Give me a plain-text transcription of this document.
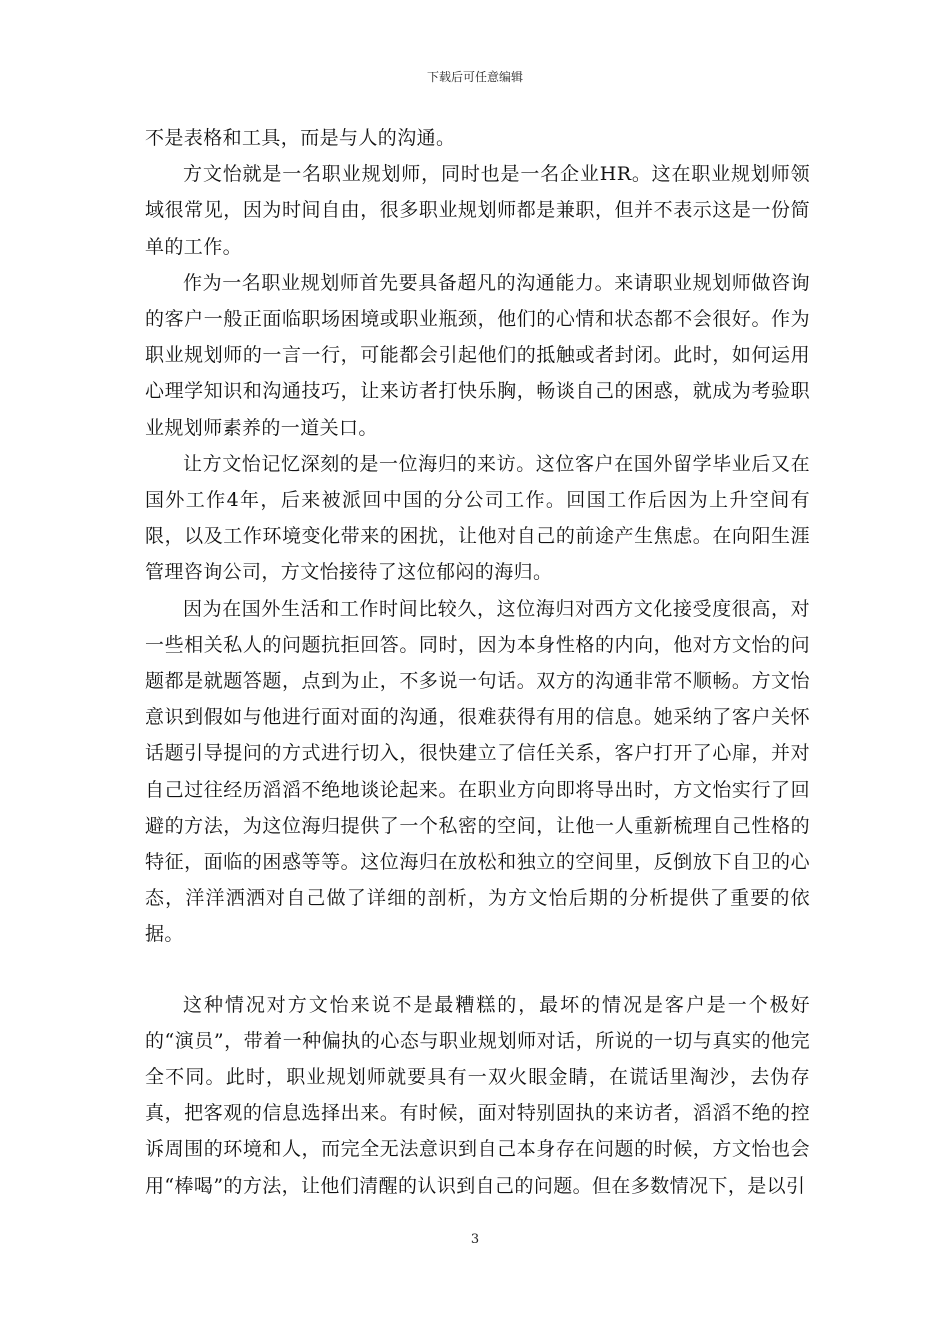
下载后可任意编辑

不是表格和工具，而是与人的沟通。

方文怡就是一名职业规划师，同时也是一名企业HR。这在职业规划师领域很常见，因为时间自由，很多职业规划师都是兼职，但并不表示这是一份简单的工作。

作为一名职业规划师首先要具备超凡的沟通能力。来请职业规划师做咨询的客户一般正面临职场困境或职业瓶颈，他们的心情和状态都不会很好。作为职业规划师的一言一行，可能都会引起他们的抵触或者封闭。此时，如何运用心理学知识和沟通技巧，让来访者打快乐胸，畅谈自己的困惑，就成为考验职业规划师素养的一道关口。

让方文怡记忆深刻的是一位海归的来访。这位客户在国外留学毕业后又在国外工作4年，后来被派回中国的分公司工作。回国工作后因为上升空间有限，以及工作环境变化带来的困扰，让他对自己的前途产生焦虑。在向阳生涯管理咨询公司，方文怡接待了这位郁闷的海归。

因为在国外生活和工作时间比较久，这位海归对西方文化接受度很高，对一些相关私人的问题抗拒回答。同时，因为本身性格的内向，他对方文怡的问题都是就题答题，点到为止，不多说一句话。双方的沟通非常不顺畅。方文怡意识到假如与他进行面对面的沟通，很难获得有用的信息。她采纳了客户关怀话题引导提问的方式进行切入，很快建立了信任关系，客户打开了心扉，并对自己过往经历滔滔不绝地谈论起来。在职业方向即将导出时，方文怡实行了回避的方法，为这位海归提供了一个私密的空间，让他一人重新梳理自己性格的特征，面临的困惑等等。这位海归在放松和独立的空间里，反倒放下自卫的心态，洋洋洒洒对自己做了详细的剖析，为方文怡后期的分析提供了重要的依据。

这种情况对方文怡来说不是最糟糕的，最坏的情况是客户是一个极好的“演员”，带着一种偏执的心态与职业规划师对话，所说的一切与真实的他完全不同。此时，职业规划师就要具有一双火眼金睛，在谎话里淘沙，去伪存真，把客观的信息选择出来。有时候，面对特别固执的来访者，滔滔不绝的控诉周围的环境和人，而完全无法意识到自己本身存在问题的时候，方文怡也会用“棒喝”的方法，让他们清醒的认识到自己的问题。但在多数情况下，是以引

3
